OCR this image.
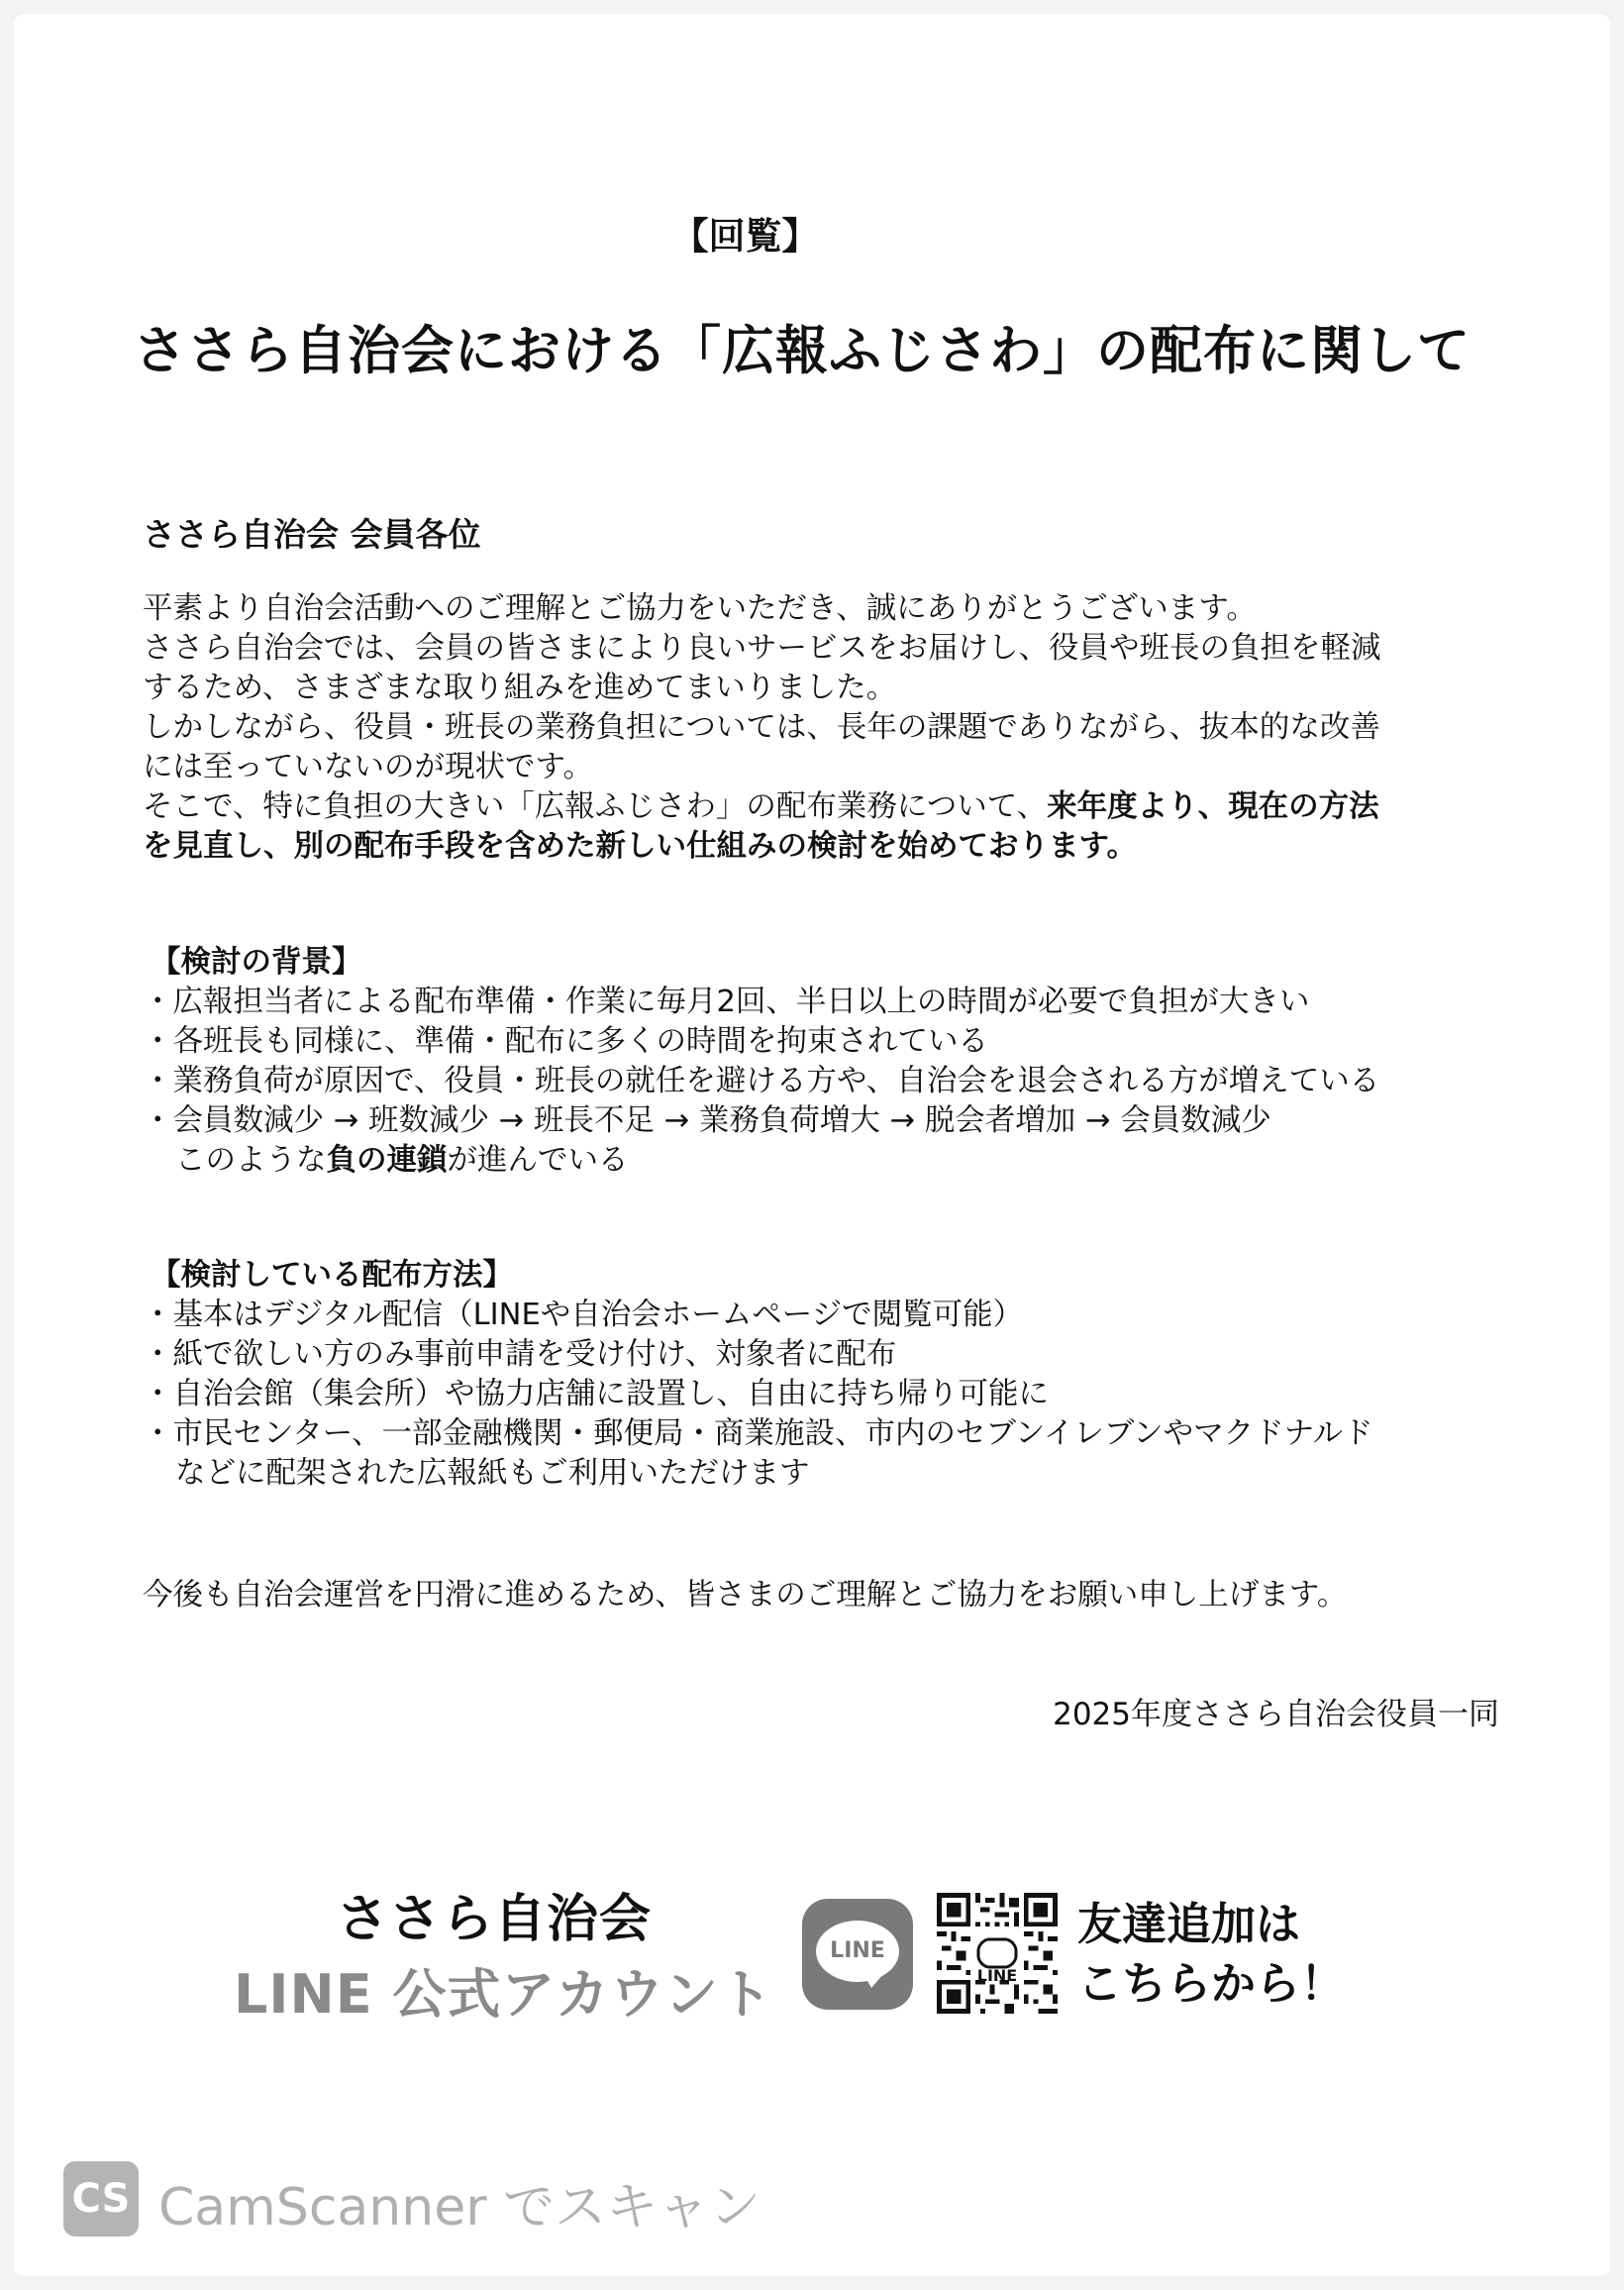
【回覧】
ささら自治会における「広報ふじさわ」の配布に関して
ささら自治会 会員各位
平素より自治会活動へのご理解とご協力をいただき、誠にありがとうございます。
ささら自治会では、会員の皆さまにより良いサービスをお届けし、役員や班長の負担を軽減
するため、さまざまな取り組みを進めてまいりました。
しかしながら、役員・班長の業務負担については、長年の課題でありながら、抜本的な改善
には至っていないのが現状です。
そこで、特に負担の大きい「広報ふじさわ」の配布業務について、来年度より、現在の方法
を見直し、別の配布手段を含めた新しい仕組みの検討を始めております。
【検討の背景】
・広報担当者による配布準備・作業に毎月2回、半日以上の時間が必要で負担が大きい
・各班長も同様に、準備・配布に多くの時間を拘束されている
・業務負荷が原因で、役員・班長の就任を避ける方や、自治会を退会される方が増えている
・会員数減少 → 班数減少 → 班長不足 → 業務負荷増大 → 脱会者増加 → 会員数減少
このような負の連鎖が進んでいる
【検討している配布方法】
・基本はデジタル配信（LINEや自治会ホームページで閲覧可能）
・紙で欲しい方のみ事前申請を受け付け、対象者に配布
・自治会館（集会所）や協力店舗に設置し、自由に持ち帰り可能に
・市民センター、一部金融機関・郵便局・商業施設、市内のセブンイレブンやマクドナルド
などに配架された広報紙もご利用いただけます
今後も自治会運営を円滑に進めるため、皆さまのご理解とご協力をお願い申し上げます。
2025年度ささら自治会役員一同
ささら自治会
LINE 公式アカウント
LINE
LINE
友達追加は
こちらから！
CS CamScanner でスキャン
